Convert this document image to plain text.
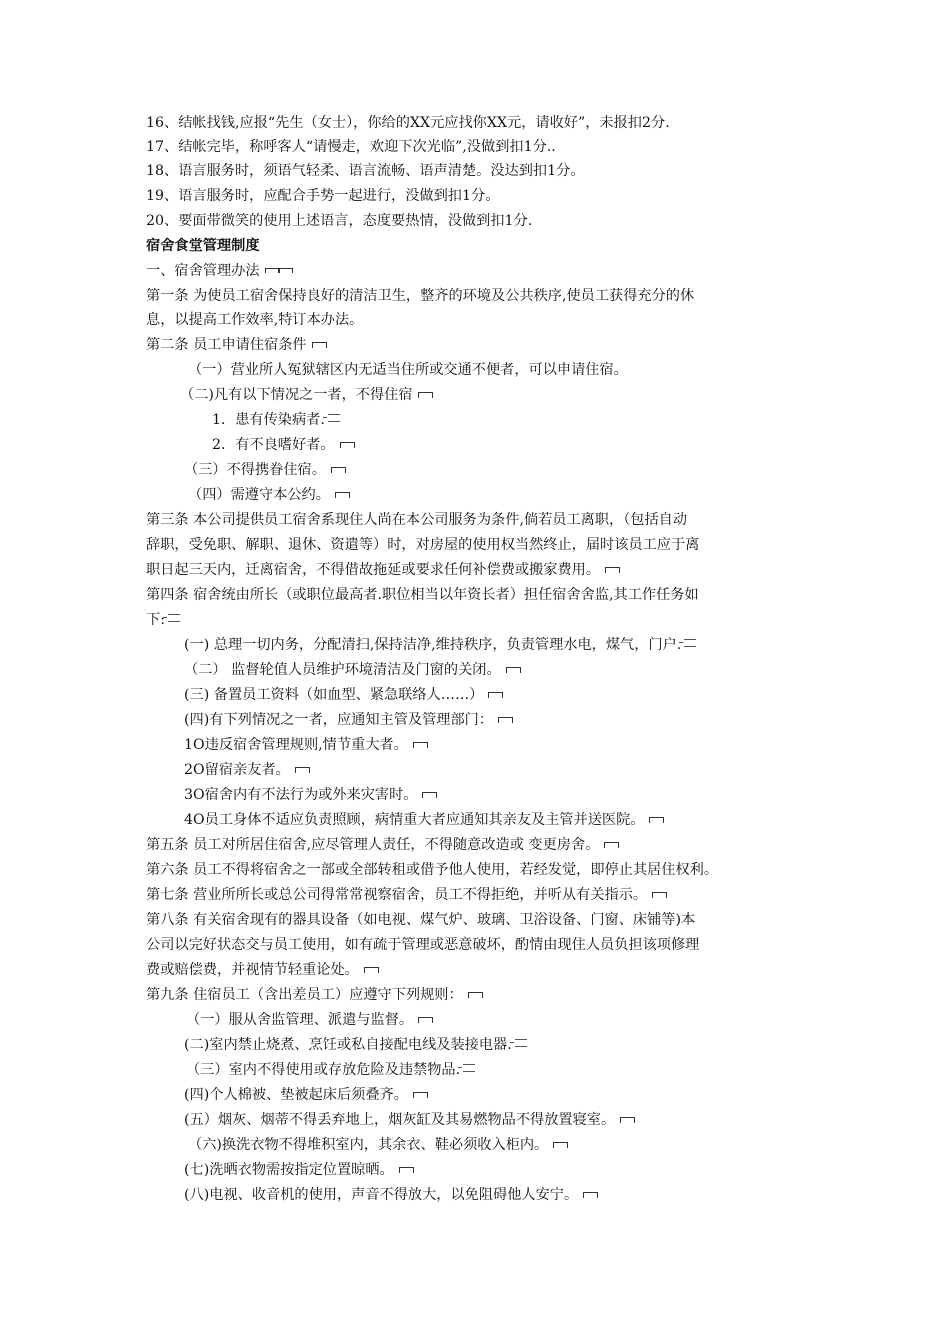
16、结帐找钱,应报“先生（女士），你给的XX元应找你XX元，请收好”，未报扣2分.
17、结帐完毕，称呼客人“请慢走，欢迎下次光临”,没做到扣1分..
18、语言服务时，须语气轻柔、语言流畅、语声清楚。没达到扣1分。
19、语言服务时，应配合手势一起进行，没做到扣1分。
20、要面带微笑的使用上述语言，态度要热情，没做到扣1分.
宿舍食堂管理制度
一、宿舍管理办法
第一条 为使员工宿舍保持良好的清洁卫生，整齐的环境及公共秩序,使员工获得充分的休
息，以提高工作效率,特订本办法。
第二条 员工申请住宿条件
（一）营业所人冤狱辖区内无适当住所或交通不便者，可以申请住宿。
（二)凡有以下情况之一者，不得住宿
1．患有传染病者.
2．有不良嗜好者。
（三）不得携眷住宿。
（四）需遵守本公约。
第三条 本公司提供员工宿舍系现住人尚在本公司服务为条件,倘若员工离职，（包括自动
辞职，受免职、解职、退休、资遣等）时，对房屋的使用权当然终止，届时该员工应于离
职日起三天内，迁离宿舍，不得借故拖延或要求任何补偿费或搬家费用。
第四条 宿舍统由所长（或职位最高者.职位相当以年资长者）担任宿舍舍监,其工作任务如
下:
(一) 总理一切内务，分配清扫,保持洁净,维持秩序，负责管理水电，煤气，门户.
（二） 监督轮值人员维护环境清洁及门窗的关闭。
(三) 备置员工资料（如血型、紧急联络人……）
(四)有下列情况之一者，应通知主管及管理部门：
1O违反宿舍管理规则,情节重大者。
2O留宿亲友者。
3O宿舍内有不法行为或外来灾害时。
4O员工身体不适应负责照顾，病情重大者应通知其亲友及主管并送医院。
第五条 员工对所居住宿舍,应尽管理人责任，不得随意改造或 变更房舍。
第六条 员工不得将宿舍之一部或全部转租或借予他人使用，若经发觉，即停止其居住权利。
第七条 营业所所长或总公司得常常视察宿舍，员工不得拒绝，并听从有关指示。
第八条 有关宿舍现有的器具设备（如电视、煤气炉、玻璃、卫浴设备、门窗、床铺等)本
公司以完好状态交与员工使用，如有疏于管理或恶意破坏，酌情由现住人员负担该项修理
费或赔偿费，并视情节轻重论处。
第九条 住宿员工（含出差员工）应遵守下列规则：
（一）服从舍监管理、派遣与监督。
(二)室内禁止烧煮、烹饪或私自接配电线及装接电器.
（三）室内不得使用或存放危险及违禁物品.
(四)个人棉被、垫被起床后须叠齐。
(五）烟灰、烟蒂不得丢弃地上，烟灰缸及其易燃物品不得放置寝室。
（六)换洗衣物不得堆积室内，其余衣、鞋必须收入柜内。
(七)洗晒衣物需按指定位置晾晒。
(八)电视、收音机的使用，声音不得放大，以免阻碍他人安宁。
